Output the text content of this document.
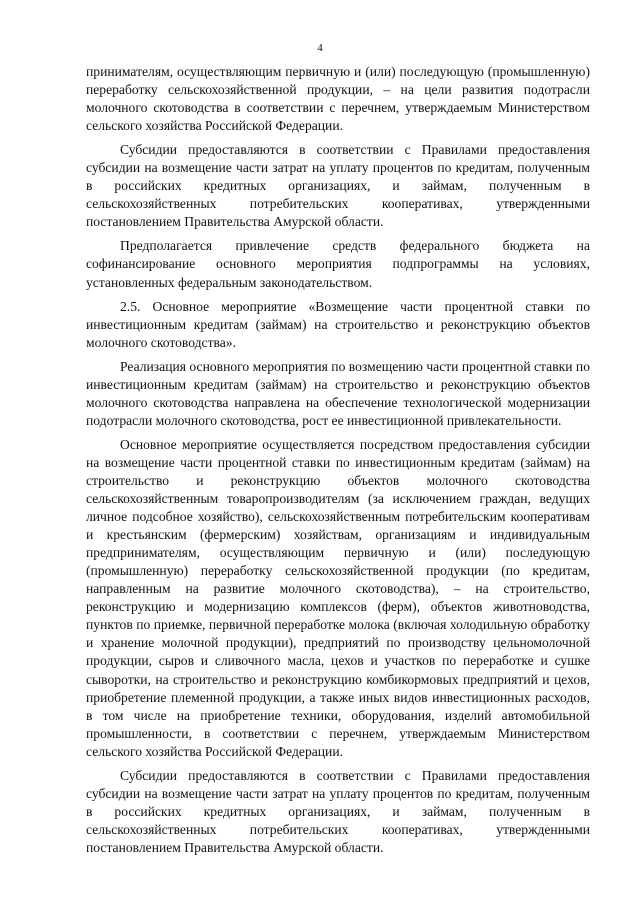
4

принимателям, осуществляющим первичную и (или) последующую (промышленную) переработку сельскохозяйственной продукции, – на цели развития подотрасли молочного скотоводства в соответствии с перечнем, утверждаемым Министерством сельского хозяйства Российской Федерации.

Субсидии предоставляются в соответствии с Правилами предоставления субсидии на возмещение части затрат на уплату процентов по кредитам, полученным в российских кредитных организациях, и займам, полученным в сельскохозяйственных потребительских кооперативах, утвержденными постановлением Правительства Амурской области.

Предполагается привлечение средств федерального бюджета на софинансирование основного мероприятия подпрограммы на условиях, установленных федеральным законодательством.

2.5. Основное мероприятие «Возмещение части процентной ставки по инвестиционным кредитам (займам) на строительство и реконструкцию объектов молочного скотоводства».

Реализация основного мероприятия по возмещению части процентной ставки по инвестиционным кредитам (займам) на строительство и реконструкцию объектов молочного скотоводства направлена на обеспечение технологической модернизации подотрасли молочного скотоводства, рост ее инвестиционной привлекательности.

Основное мероприятие осуществляется посредством предоставления субсидии на возмещение части процентной ставки по инвестиционным кредитам (займам) на строительство и реконструкцию объектов молочного скотоводства сельскохозяйственным товаропроизводителям (за исключением граждан, ведущих личное подсобное хозяйство), сельскохозяйственным потребительским кооперативам и крестьянским (фермерским) хозяйствам, организациям и индивидуальным предпринимателям, осуществляющим первичную и (или) последующую (промышленную) переработку сельскохозяйственной продукции (по кредитам, направленным на развитие молочного скотоводства), – на строительство, реконструкцию и модернизацию комплексов (ферм), объектов животноводства, пунктов по приемке, первичной переработке молока (включая холодильную обработку и хранение молочной продукции), предприятий по производству цельномолочной продукции, сыров и сливочного масла, цехов и участков по переработке и сушке сыворотки, на строительство и реконструкцию комбикормовых предприятий и цехов, приобретение племенной продукции, а также иных видов инвестиционных расходов, в том числе на приобретение техники, оборудования, изделий автомобильной промышленности, в соответствии с перечнем, утверждаемым Министерством сельского хозяйства Российской Федерации.

Субсидии предоставляются в соответствии с Правилами предоставления субсидии на возмещение части затрат на уплату процентов по кредитам, полученным в российских кредитных организациях, и займам, полученным в сельскохозяйственных потребительских кооперативах, утвержденными постановлением Правительства Амурской области.
